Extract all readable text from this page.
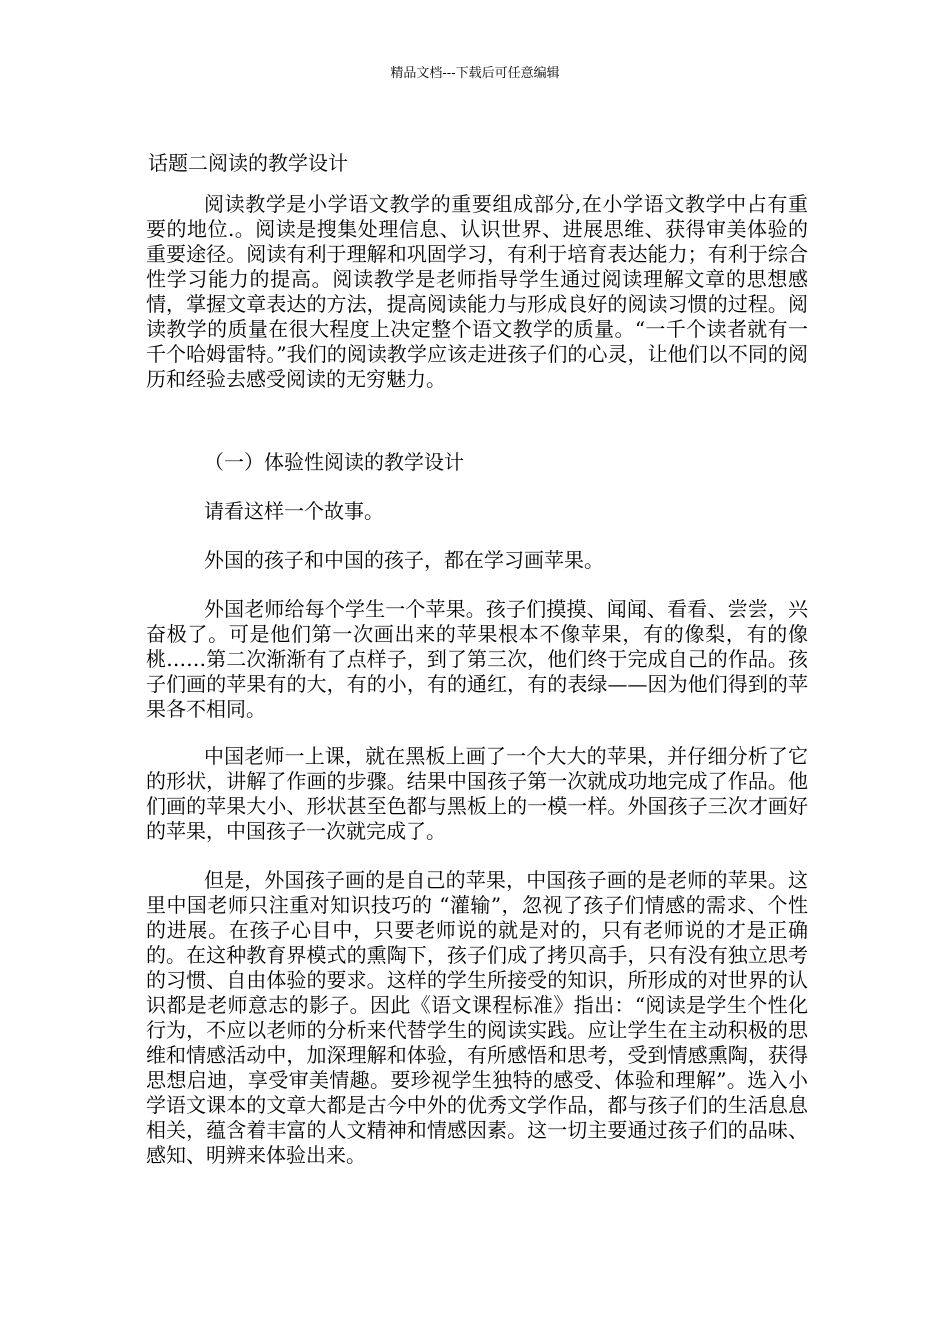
精品文档---下载后可任意编辑
话题二阅读的教学设计

阅读教学是小学语文教学的重要组成部分,在小学语文教学中占有重要的地位.。阅读是搜集处理信息、认识世界、进展思维、获得审美体验的重要途径。阅读有利于理解和巩固学习，有利于培育表达能力；有利于综合性学习能力的提高。阅读教学是老师指导学生通过阅读理解文章的思想感情，掌握文章表达的方法，提高阅读能力与形成良好的阅读习惯的过程。阅读教学的质量在很大程度上决定整个语文教学的质量。“一千个读者就有一千个哈姆雷特。”我们的阅读教学应该走进孩子们的心灵，让他们以不同的阅历和经验去感受阅读的无穷魅力。

（一）体验性阅读的教学设计
请看这样一个故事。
外国的孩子和中国的孩子，都在学习画苹果。

外国老师给每个学生一个苹果。孩子们摸摸、闻闻、看看、尝尝，兴奋极了。可是他们第一次画出来的苹果根本不像苹果，有的像梨，有的像桃……第二次渐渐有了点样子，到了第三次，他们终于完成自己的作品。孩子们画的苹果有的大，有的小，有的通红，有的表绿——因为他们得到的苹果各不相同。

中国老师一上课，就在黑板上画了一个大大的苹果，并仔细分析了它的形状，讲解了作画的步骤。结果中国孩子第一次就成功地完成了作品。他们画的苹果大小、形状甚至色都与黑板上的一模一样。外国孩子三次才画好的苹果，中国孩子一次就完成了。

但是，外国孩子画的是自己的苹果，中国孩子画的是老师的苹果。这里中国老师只注重对知识技巧的 “灌输”，忽视了孩子们情感的需求、个性的进展。在孩子心目中，只要老师说的就是对的，只有老师说的才是正确的。在这种教育界模式的熏陶下，孩子们成了拷贝高手，只有没有独立思考的习惯、自由体验的要求。这样的学生所接受的知识，所形成的对世界的认识都是老师意志的影子。因此《语文课程标准》指出：“阅读是学生个性化行为，不应以老师的分析来代替学生的阅读实践。应让学生在主动积极的思维和情感活动中，加深理解和体验，有所感悟和思考，受到情感熏陶，获得思想启迪，享受审美情趣。要珍视学生独特的感受、体验和理解”。选入小学语文课本的文章大都是古今中外的优秀文学作品，都与孩子们的生活息息相关，蕴含着丰富的人文精神和情感因素。这一切主要通过孩子们的品味、感知、明辨来体验出来。
